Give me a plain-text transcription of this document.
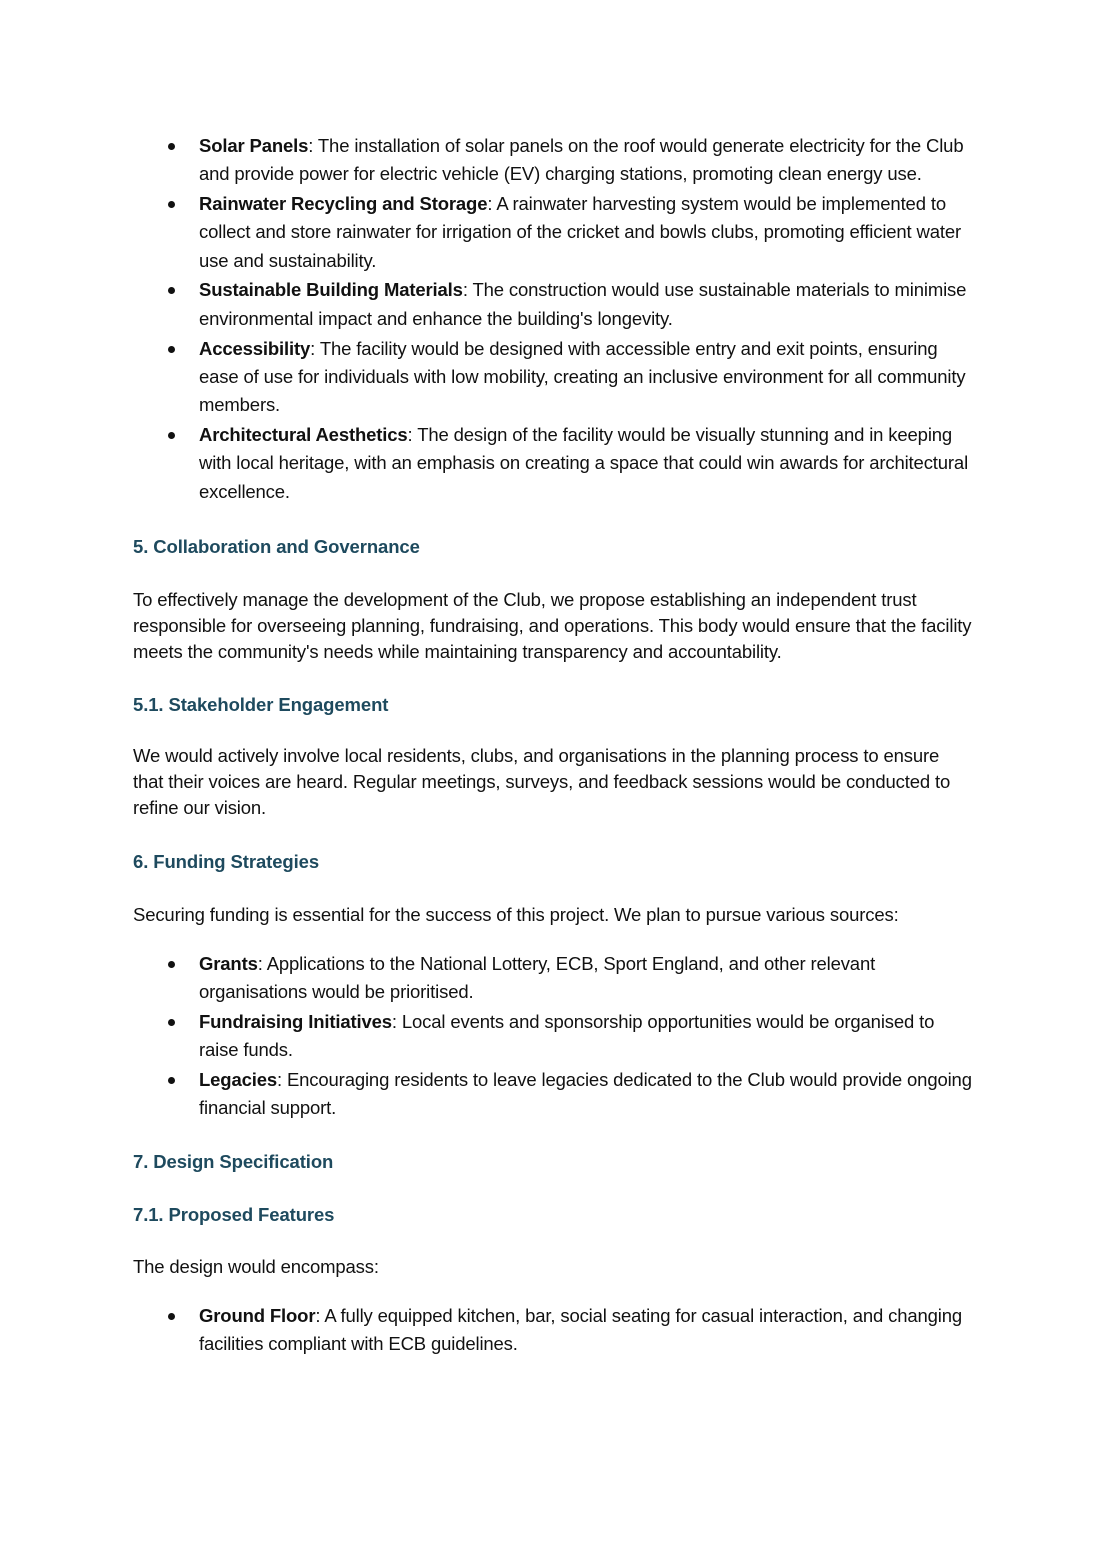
Solar Panels: The installation of solar panels on the roof would generate electricity for the Club and provide power for electric vehicle (EV) charging stations, promoting clean energy use.
Rainwater Recycling and Storage: A rainwater harvesting system would be implemented to collect and store rainwater for irrigation of the cricket and bowls clubs, promoting efficient water use and sustainability.
Sustainable Building Materials: The construction would use sustainable materials to minimise environmental impact and enhance the building's longevity.
Accessibility: The facility would be designed with accessible entry and exit points, ensuring ease of use for individuals with low mobility, creating an inclusive environment for all community members.
Architectural Aesthetics: The design of the facility would be visually stunning and in keeping with local heritage, with an emphasis on creating a space that could win awards for architectural excellence.
5. Collaboration and Governance

To effectively manage the development of the Club, we propose establishing an independent trust responsible for overseeing planning, fundraising, and operations. This body would ensure that the facility meets the community's needs while maintaining transparency and accountability.

5.1. Stakeholder Engagement

We would actively involve local residents, clubs, and organisations in the planning process to ensure that their voices are heard. Regular meetings, surveys, and feedback sessions would be conducted to refine our vision.

6. Funding Strategies

Securing funding is essential for the success of this project. We plan to pursue various sources:

Grants: Applications to the National Lottery, ECB, Sport England, and other relevant organisations would be prioritised.
Fundraising Initiatives: Local events and sponsorship opportunities would be organised to raise funds.
Legacies: Encouraging residents to leave legacies dedicated to the Club would provide ongoing financial support.
7. Design Specification
7.1. Proposed Features

The design would encompass:

Ground Floor: A fully equipped kitchen, bar, social seating for casual interaction, and changing facilities compliant with ECB guidelines.
